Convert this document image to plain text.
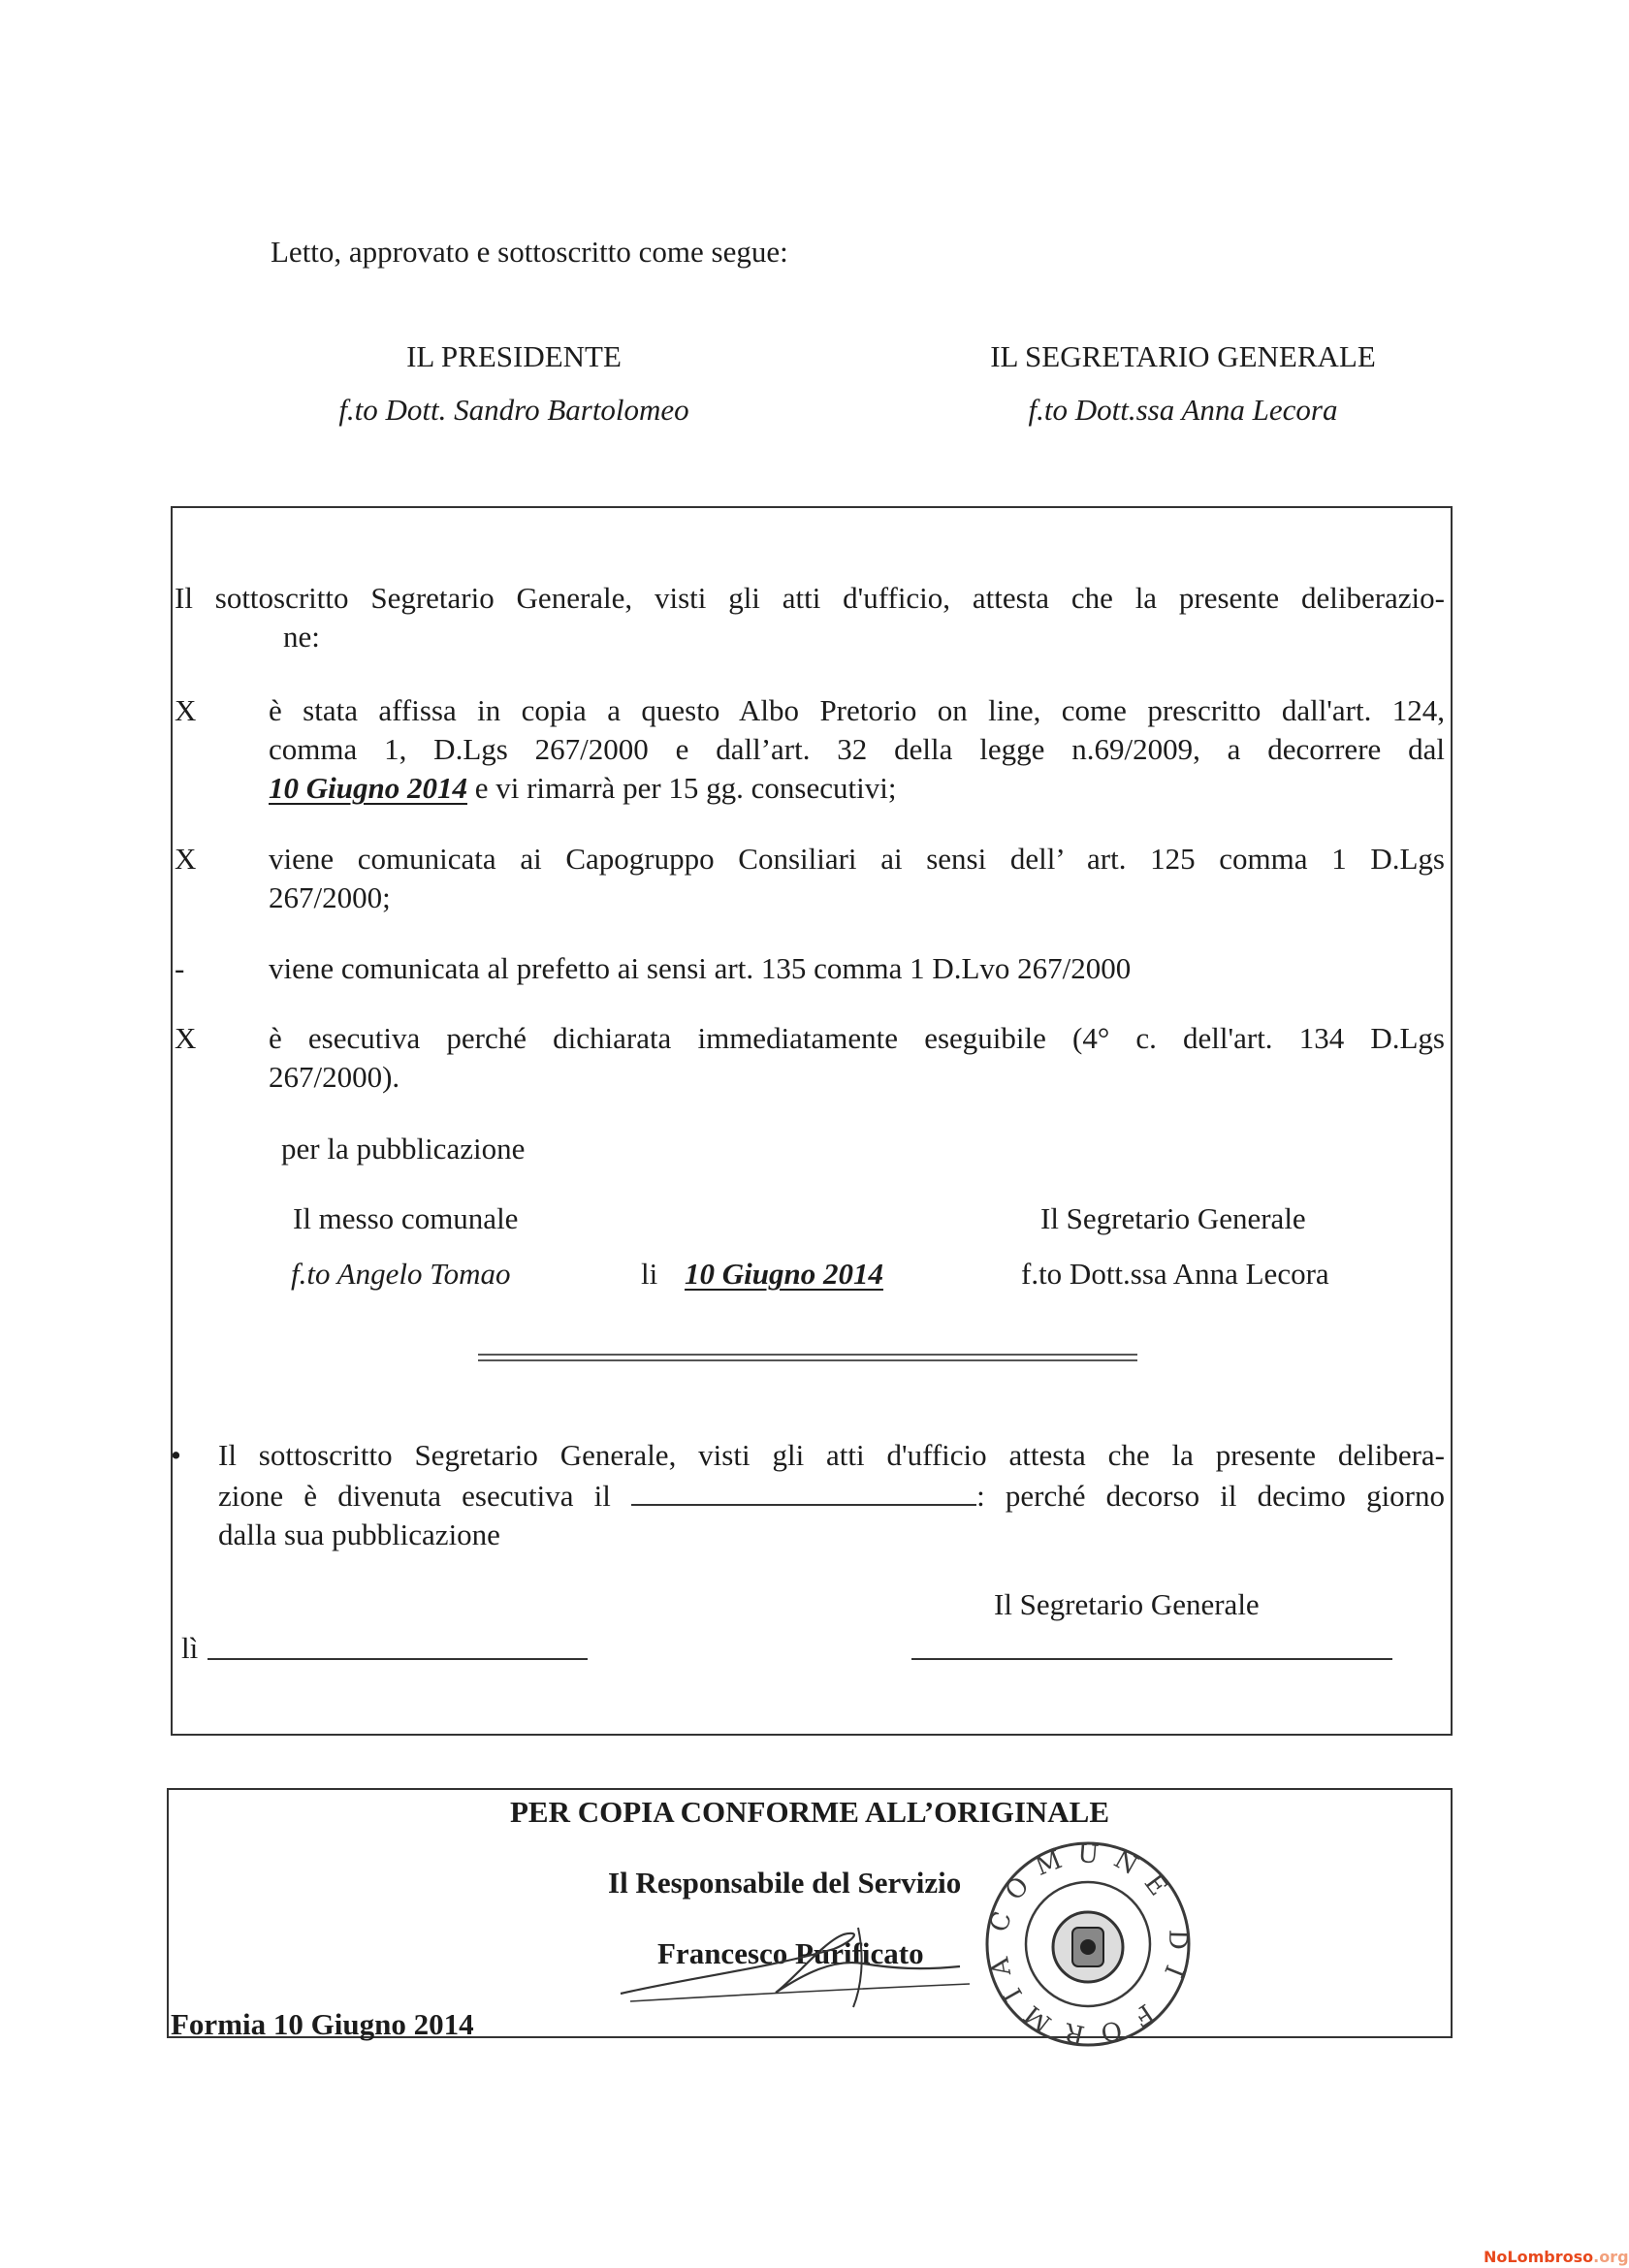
Letto, approvato e sottoscritto come segue:
IL PRESIDENTE
f.to Dott. Sandro Bartolomeo
IL SEGRETARIO GENERALE
f.to Dott.ssa Anna Lecora
Il sottoscritto Segretario Generale, visti gli atti d'ufficio, attesta che la presente deliberazio-
ne:
X è stata affissa in copia a questo Albo Pretorio on line, come prescritto dall'art. 124,
comma 1, D.Lgs 267/2000 e dall’art. 32 della legge n.69/2009, a decorrere dal
10 Giugno 2014 e vi rimarrà per 15 gg. consecutivi;
X viene comunicata ai Capogruppo Consiliari ai sensi dell’ art. 125 comma 1 D.Lgs
267/2000;
-	viene comunicata al prefetto ai sensi art. 135 comma 1 D.Lvo 267/2000
X è esecutiva perché dichiarata immediatamente eseguibile (4° c. dell'art. 134 D.Lgs
267/2000).
per la pubblicazione
Il messo comunale
f.to Angelo Tomao	li 10 Giugno 2014
Il Segretario Generale
f.to Dott.ssa Anna Lecora
• Il sottoscritto Segretario Generale, visti gli atti d'ufficio attesta che la presente delibera-
zione è divenuta esecutiva il	: perché decorso il decimo giorno
dalla sua pubblicazione
Il Segretario Generale
lì
PER COPIA CONFORME ALL’ORIGINALE
Il Responsabile del Servizio
Francesco Purificato
Formia 10 Giugno 2014
COMUNE DI FORMIA
NoLombroso.org
